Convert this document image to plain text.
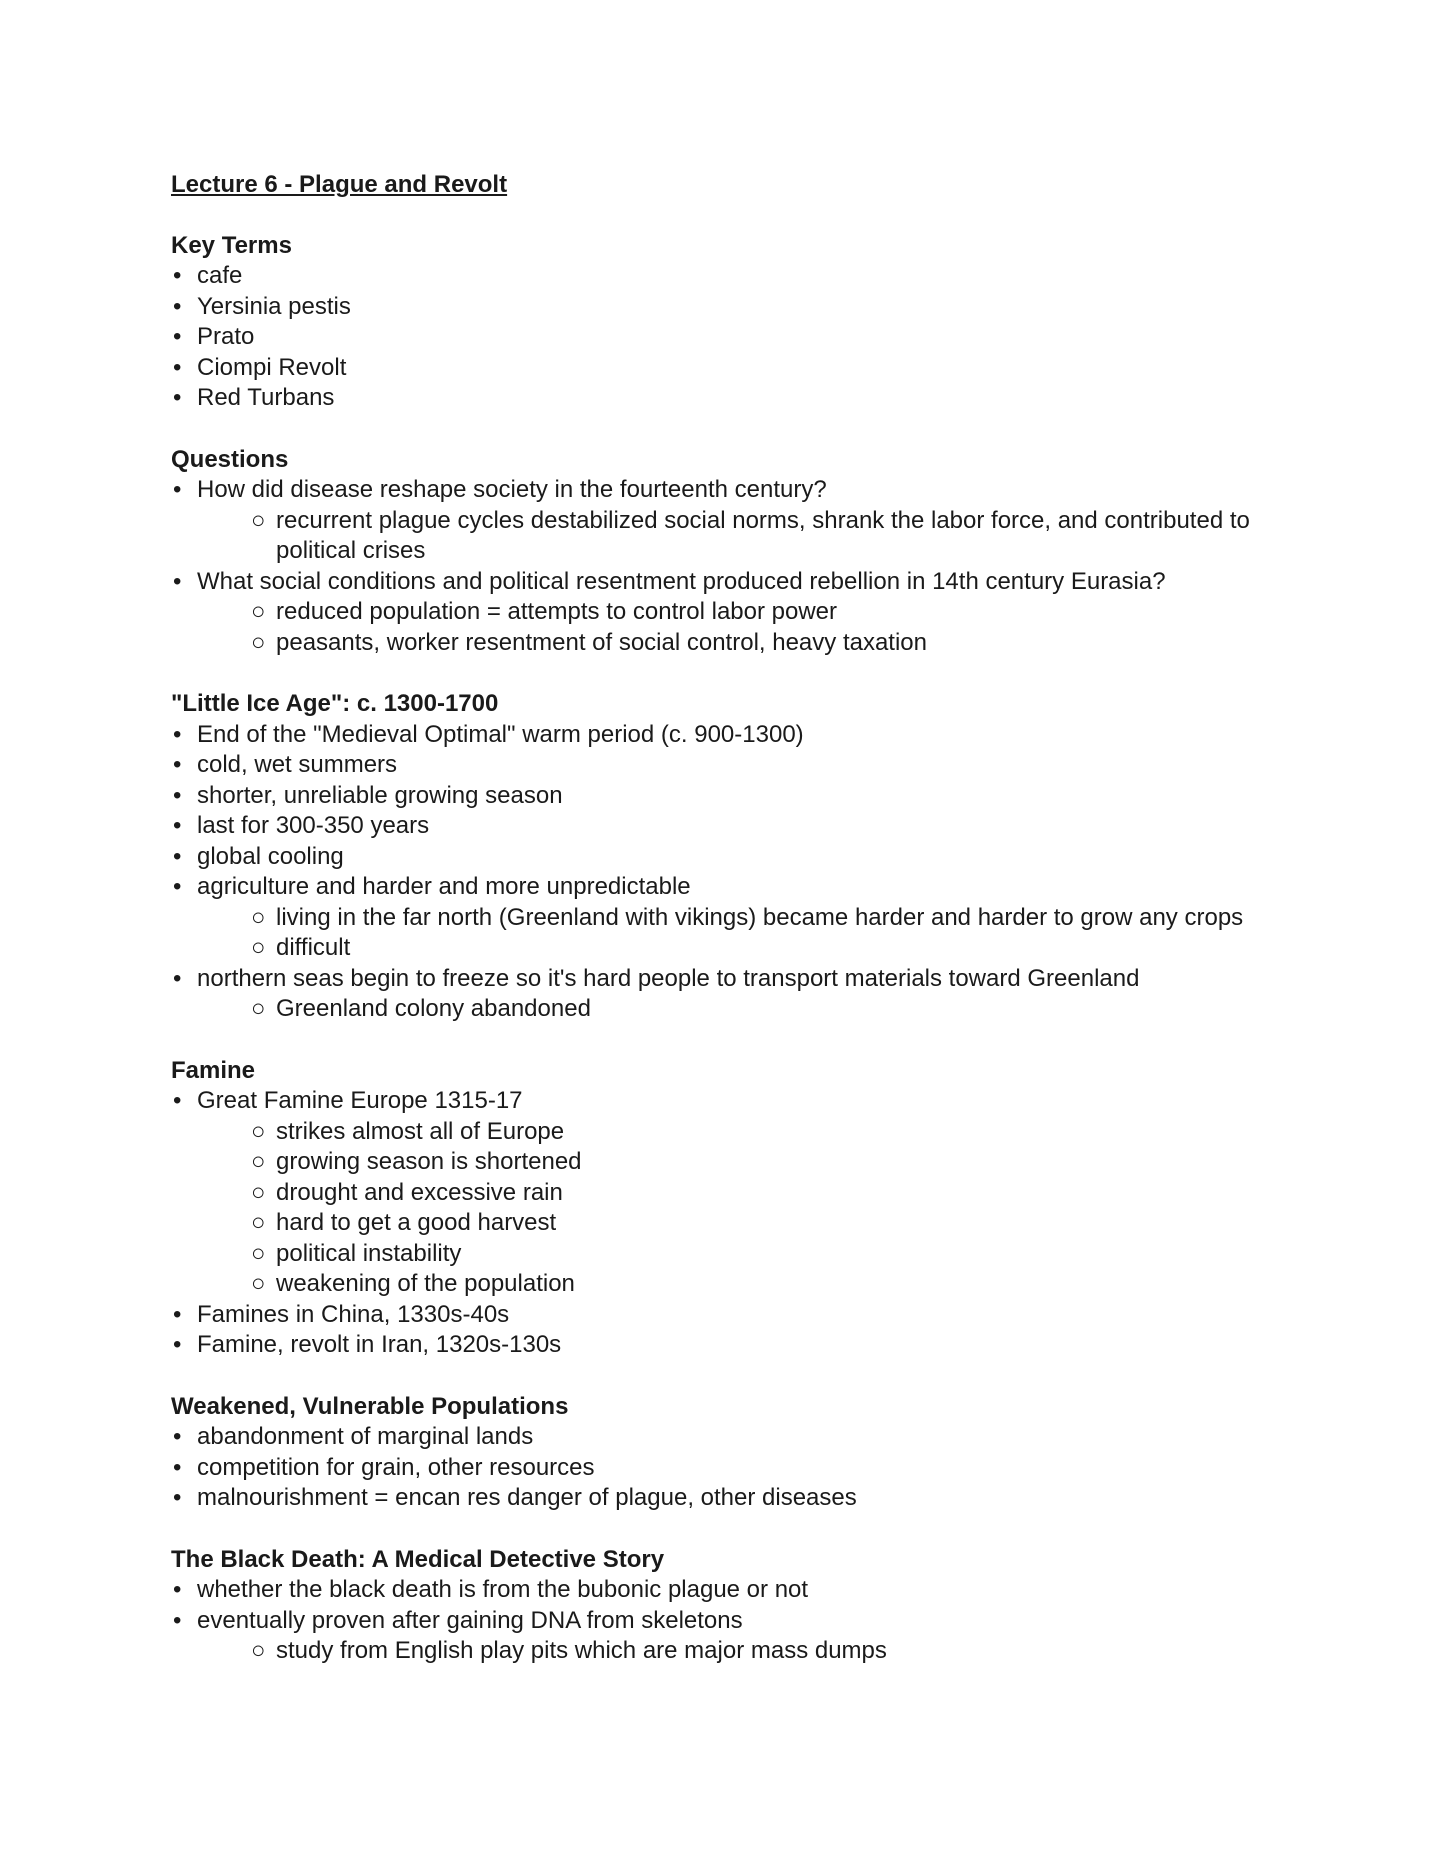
Lecture 6 - Plague and Revolt
Key Terms
• cafe
• Yersinia pestis
• Prato
• Ciompi Revolt
• Red Turbans
Questions
• How did disease reshape society in the fourteenth century?
○ recurrent plague cycles destabilized social norms, shrank the labor force, and contributed to political crises
• What social conditions and political resentment produced rebellion in 14th century Eurasia?
○ reduced population = attempts to control labor power
○ peasants, worker resentment of social control, heavy taxation
"Little Ice Age": c. 1300-1700
• End of the "Medieval Optimal" warm period (c. 900-1300)
• cold, wet summers
• shorter, unreliable growing season
• last for 300-350 years
• global cooling
• agriculture and harder and more unpredictable
○ living in the far north (Greenland with vikings) became harder and harder to grow any crops
○ difficult
• northern seas begin to freeze so it's hard people to transport materials toward Greenland
○ Greenland colony abandoned
Famine
• Great Famine Europe 1315-17
○ strikes almost all of Europe
○ growing season is shortened
○ drought and excessive rain
○ hard to get a good harvest
○ political instability
○ weakening of the population
• Famines in China, 1330s-40s
• Famine, revolt in Iran, 1320s-130s
Weakened, Vulnerable Populations
• abandonment of marginal lands
• competition for grain, other resources
• malnourishment = encan res danger of plague, other diseases
The Black Death: A Medical Detective Story
• whether the black death is from the bubonic plague or not
• eventually proven after gaining DNA from skeletons
○ study from English play pits which are major mass dumps
